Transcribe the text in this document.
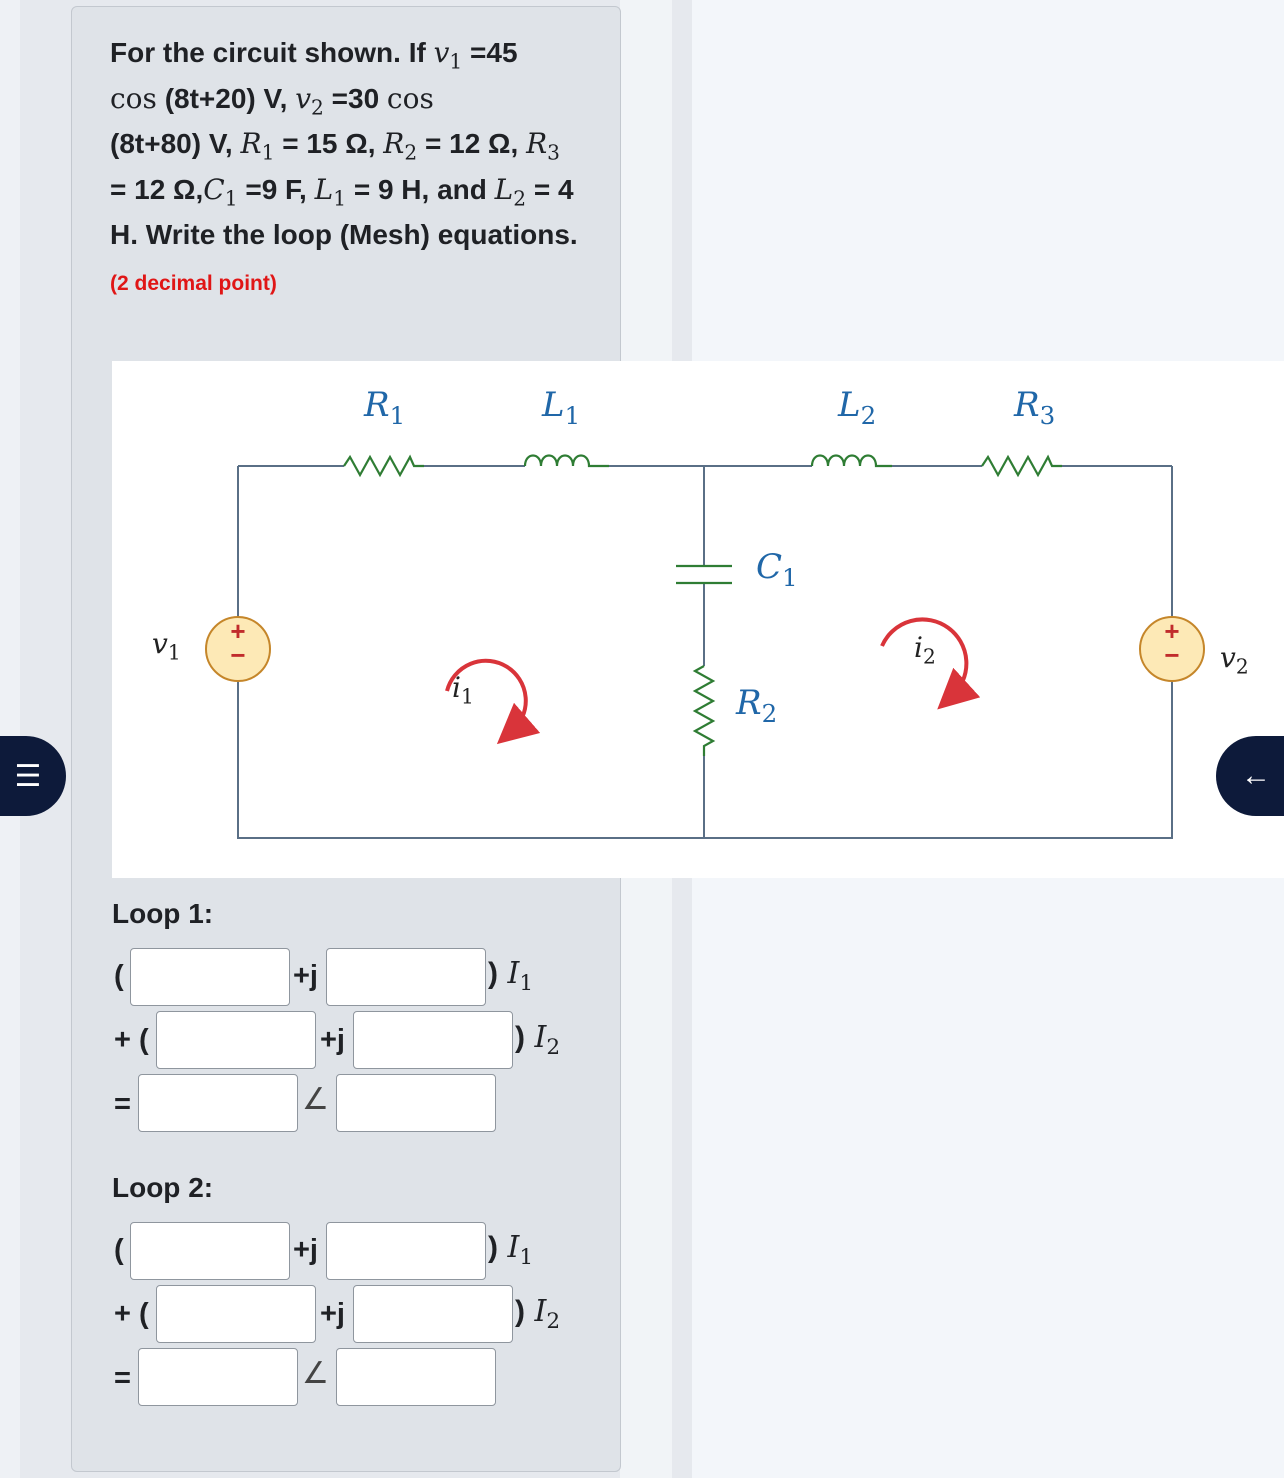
For the circuit shown. If $v_1 =45$
cos (8t+20) V, $v_2 =30$ cos
(8t+80) V, $R_1 = 15$ Ω, $R_2 = 12$ Ω, $R_3 = 12$ $\Omega,C_1 =9$ F, $L_1 = 9$ H, and $L_2 = 4$ H. Write the loop (Mesh) equations. (2 decimal point)
$R_1$	$L_1$	$L_2$	$R_3$
$C_1$
$R_2$
$v_1$	$v_2$
$i_1$
$i_2$
+
−
+
−
Loop 1:
(	+j	) $I_1$
+ (	+j	) $I_2$
=	∠
Loop 2:
(	+j	) $I_1$
+ (	+j	) $I_2$
=	∠
☰	←
